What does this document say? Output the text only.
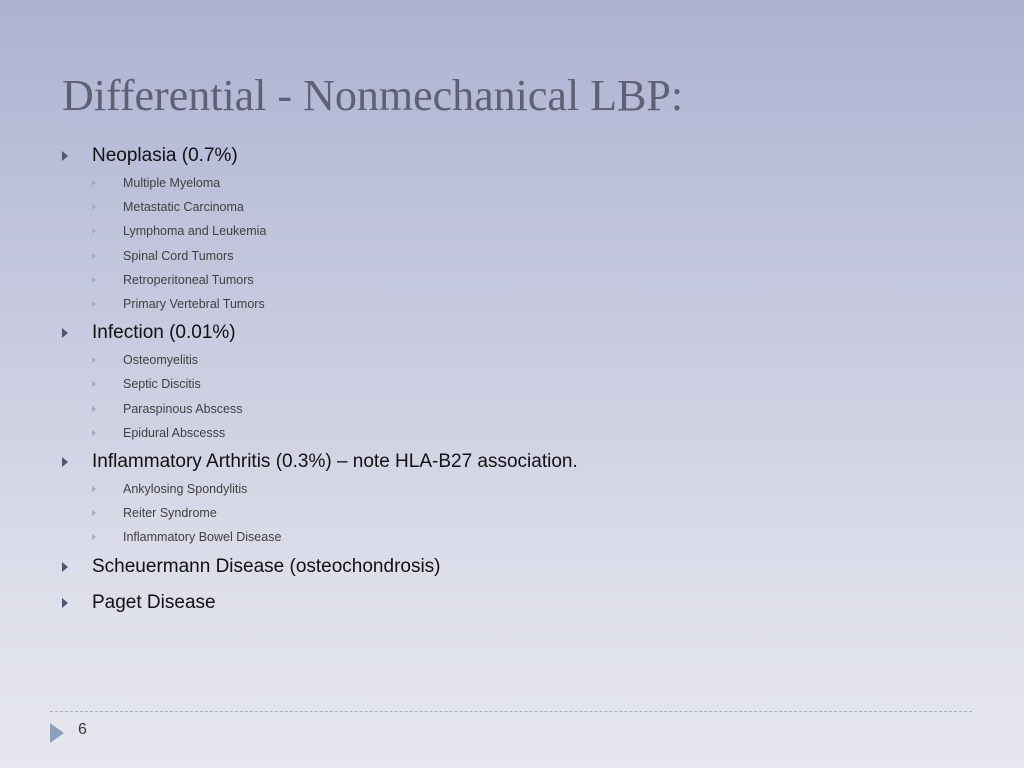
Differential - Nonmechanical LBP:
Neoplasia (0.7%)
Multiple Myeloma
Metastatic Carcinoma
Lymphoma and Leukemia
Spinal Cord Tumors
Retroperitoneal Tumors
Primary Vertebral Tumors
Infection (0.01%)
Osteomyelitis
Septic Discitis
Paraspinous Abscess
Epidural Abscesss
Inflammatory Arthritis (0.3%) – note HLA-B27 association.
Ankylosing Spondylitis
Reiter Syndrome
Inflammatory Bowel Disease
Scheuermann Disease (osteochondrosis)
Paget Disease
6
